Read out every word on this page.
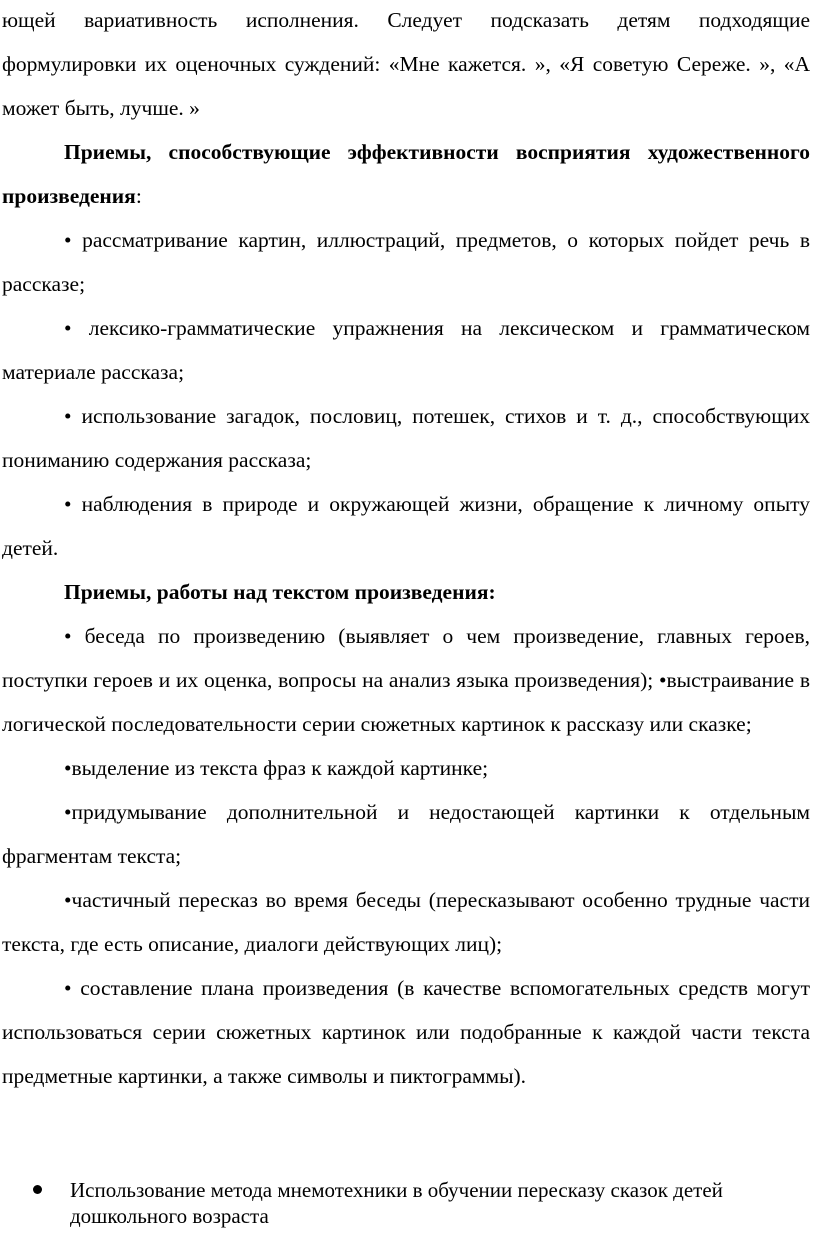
ющей вариативность исполнения. Следует подсказать детям подходящие формулировки их оценочных суждений: «Мне кажется. », «Я советую Сереже. », «А может быть, лучше. »

Приемы, способствующие эффективности восприятия художественного произведения:

• рассматривание картин, иллюстраций, предметов, о которых пойдет речь в рассказе;

• лексико-грамматические упражнения на лексическом и грамматическом материале рассказа;

• использование загадок, пословиц, потешек, стихов и т. д., способствующих пониманию содержания рассказа;

• наблюдения в природе и окружающей жизни, обращение к личному опыту детей.

Приемы, работы над текстом произведения:

• беседа по произведению (выявляет о чем произведение, главных героев, поступки героев и их оценка, вопросы на анализ языка произведения); •выстраивание в логической последовательности серии сюжетных картинок к рассказу или сказке;

•выделение из текста фраз к каждой картинке;

•придумывание дополнительной и недостающей картинки к отдельным фрагментам текста;

•частичный пересказ во время беседы (пересказывают особенно трудные части текста, где есть описание, диалоги действующих лиц);

• составление плана произведения (в качестве вспомогательных средств могут использоваться серии сюжетных картинок или подобранные к каждой части текста предметные картинки, а также символы и пиктограммы).

Использование метода мнемотехники в обучении пересказу сказок детей дошкольного возраста
